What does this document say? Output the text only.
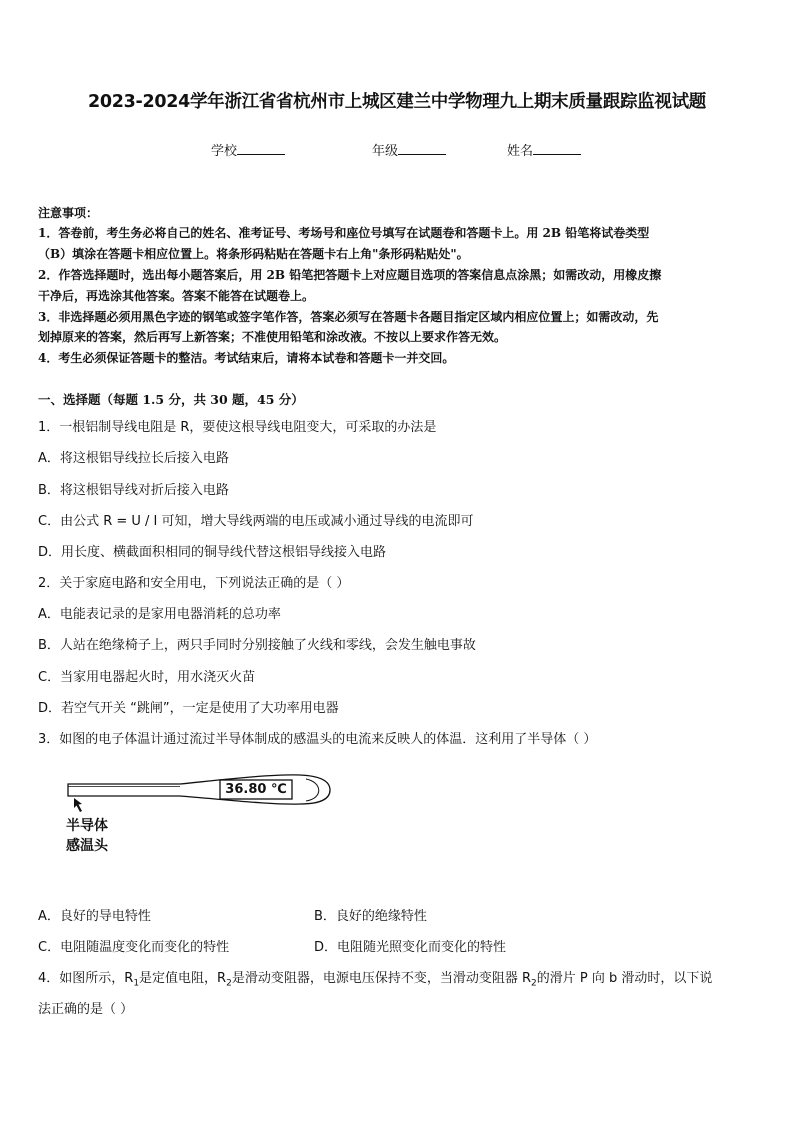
2023-2024学年浙江省省杭州市上城区建兰中学物理九上期末质量跟踪监视试题
学校	年级	姓名
注意事项：
1．答卷前，考生务必将自己的姓名、准考证号、考场号和座位号填写在试题卷和答题卡上。用 2B 铅笔将试卷类型
（B）填涂在答题卡相应位置上。将条形码粘贴在答题卡右上角"条形码粘贴处"。
2．作答选择题时，选出每小题答案后，用 2B 铅笔把答题卡上对应题目选项的答案信息点涂黑；如需改动，用橡皮擦
干净后，再选涂其他答案。答案不能答在试题卷上。
3．非选择题必须用黑色字迹的钢笔或签字笔作答，答案必须写在答题卡各题目指定区域内相应位置上；如需改动，先
划掉原来的答案，然后再写上新答案；不准使用铅笔和涂改液。不按以上要求作答无效。
4．考生必须保证答题卡的整洁。考试结束后，请将本试卷和答题卡一并交回。
一、选择题（每题 1.5 分，共 30 题，45 分）
1．一根铝制导线电阻是 R，要使这根导线电阻变大，可采取的办法是
A．将这根铝导线拉长后接入电路
B．将这根铝导线对折后接入电路
C．由公式 R = U / I 可知，增大导线两端的电压或减小通过导线的电流即可
D．用长度、横截面积相同的铜导线代替这根铝导线接入电路
2．关于家庭电路和安全用电，下列说法正确的是（ ）
A．电能表记录的是家用电器消耗的总功率
B．人站在绝缘椅子上，两只手同时分别接触了火线和零线，会发生触电事故
C．当家用电器起火时，用水浇灭火苗
D．若空气开关 “跳闸”，一定是使用了大功率用电器
3．如图的电子体温计通过流过半导体制成的感温头的电流来反映人的体温．这利用了半导体（ ）
36.80 ℃
半导体
感温头
A．良好的导电特性	B．良好的绝缘特性
C．电阻随温度变化而变化的特性	D．电阻随光照变化而变化的特性
4．如图所示，$R_1$是定值电阻，$R_2$是滑动变阻器，电源电压保持不变，当滑动变阻器 $R_2$的滑片 P 向 b 滑动时，以下说
法正确的是（ ）
